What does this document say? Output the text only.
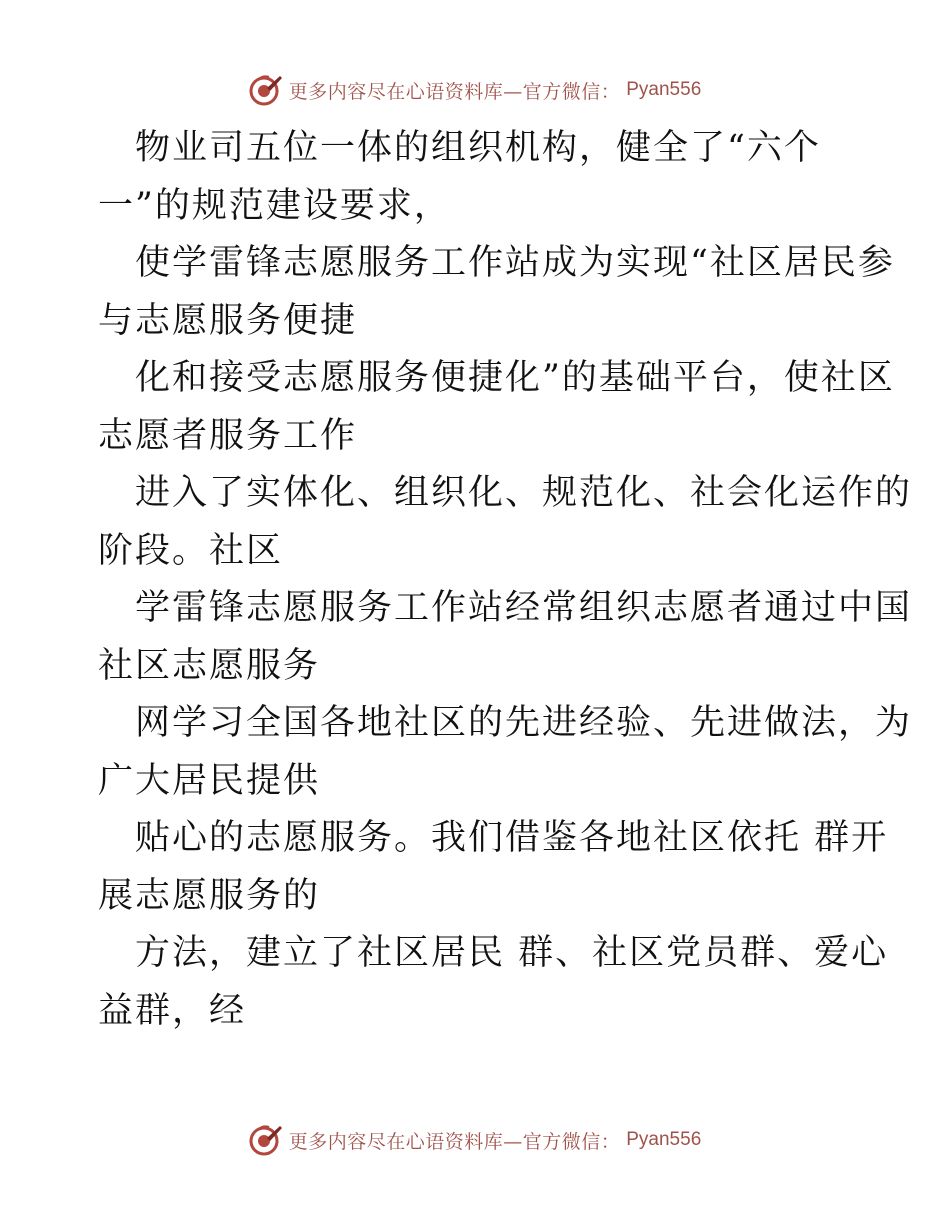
更多内容尽在心语资料库—官方微信： Pyan556
物业司五位一体的组织机构，健全了“六个
一”的规范建设要求，
使学雷锋志愿服务工作站成为实现“社区居民参
与志愿服务便捷
化和接受志愿服务便捷化”的基础平台，使社区
志愿者服务工作
进入了实体化、组织化、规范化、社会化运作的
阶段。社区
学雷锋志愿服务工作站经常组织志愿者通过中国
社区志愿服务
网学习全国各地社区的先进经验、先进做法，为
广大居民提供
贴心的志愿服务。我们借鉴各地社区依托 群开
展志愿服务的
方法，建立了社区居民 群、社区党员群、爱心
益群，经
更多内容尽在心语资料库—官方微信： Pyan556
